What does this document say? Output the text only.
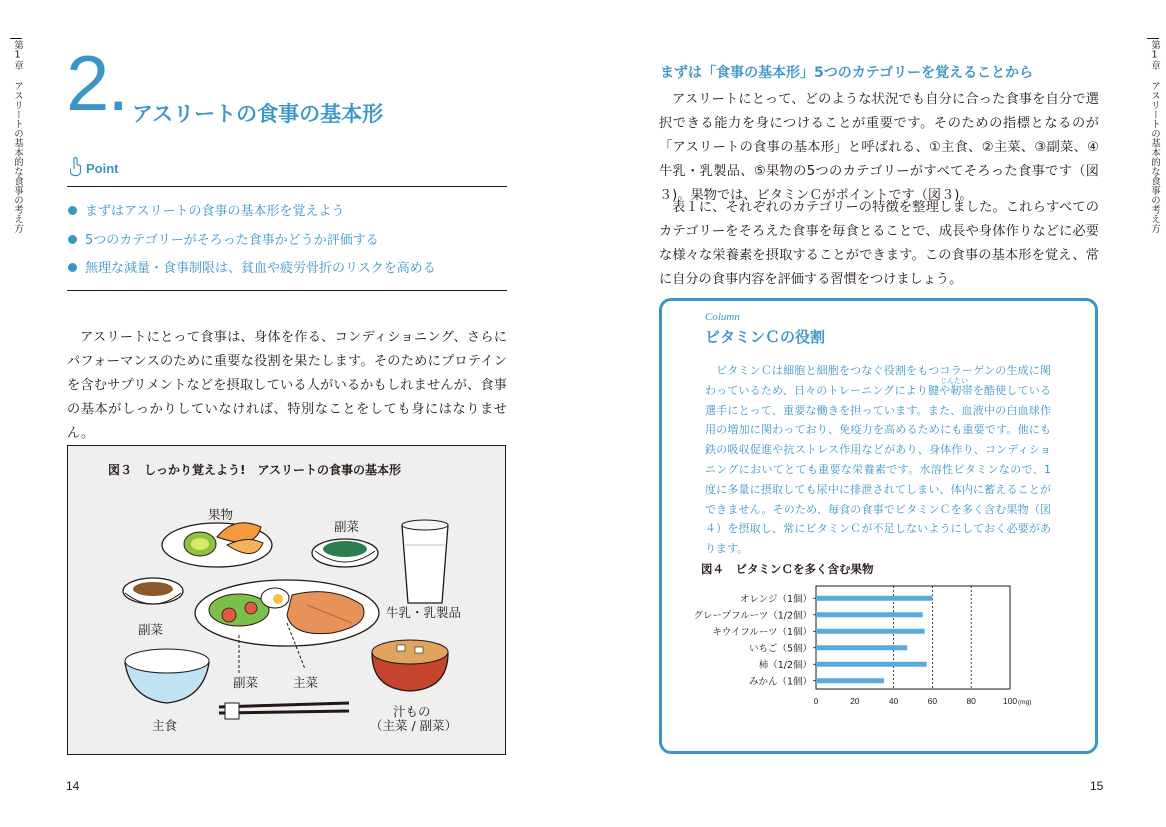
第1章 アスリートの基本的な食事の考え方 2. アスリートの食事の基本形
Point
まずはアスリートの食事の基本形を覚えよう
5つのカテゴリーがそろった食事かどうか評価する
無理な減量・食事制限は、貧血や疲労骨折のリスクを高める
アスリートにとって食事は、身体を作る、コンディショニング、さらにパフォーマンスのために重要な役割を果たします。そのためにプロテインを含むサプリメントなどを摂取している人がいるかもしれませんが、食事の基本がしっかりしていなければ、特別なことをしても身にはなりません。
図３　しっかり覚えよう!　アスリートの食事の基本形
果物
副菜
副菜
牛乳・乳製品
副菜	主菜
主食
汁もの
（主菜 / 副菜）
14
まずは「食事の基本形」5つのカテゴリーを覚えることから
アスリートにとって、どのような状況でも自分に合った食事を自分で選択できる能力を身につけることが重要です。そのための指標となるのが「アスリートの食事の基本形」と呼ばれる、①主食、②主菜、③副菜、④牛乳・乳製品、⑤果物の5つのカテゴリーがすべてそろった食事です（図３)。果物では、ビタミンＣがポイントです（図３)。
表１に、それぞれのカテゴリーの特徴を整理しました。これらすべてのカテゴリーをそろえた食事を毎食とることで、成長や身体作りなどに必要な様々な栄養素を摂取することができます。この食事の基本形を覚え、常に自分の食事内容を評価する習慣をつけましょう。
Column
ビタミンＣの役割
じんたい
ビタミンＣは細胞と細胞をつなぐ役割をもつコラーゲンの生成に関わっているため、日々のトレーニングにより腱や靭帯を酷使している選手にとって、重要な働きを担っています。また、血液中の白血球作用の増加に関わっており、免疫力を高めるためにも重要です。他にも鉄の吸収促進や抗ストレス作用などがあり、身体作り、コンディショニングにおいてとても重要な栄養素です。水溶性ビタミンなので、1度に多量に摂取しても尿中に排泄されてしまい、体内に蓄えることができません。そのため、毎食の食事でビタミンＣを多く含む果物（図４）を摂取し、常にビタミンＣが不足しないようにしておく必要があります。
図４　ビタミンＣを多く含む果物
オレンジ（1個）
グレープフルーツ（1/2個）
キウイフルーツ（1個）
いちご（5個）
柿（1/2個）
みかん（1個）
0	20	40	60	80	100 (mg)
15
第1章 アスリートの基本的な食事の考え方
